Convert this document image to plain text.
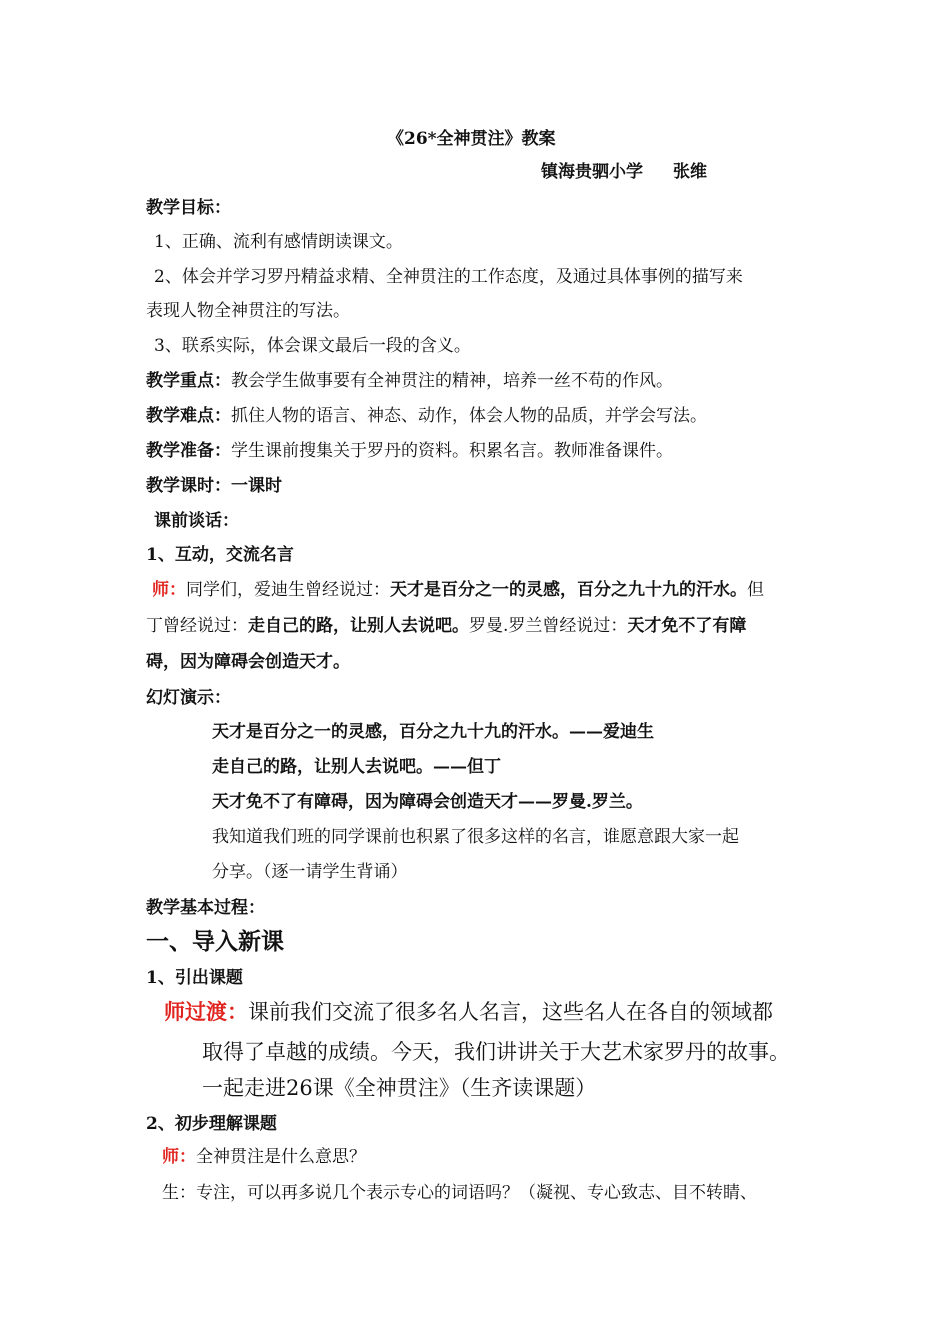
《26*全神贯注》教案
镇海贵驷小学 张维
教学目标：
1、正确、流利有感情朗读课文。
2、体会并学习罗丹精益求精、全神贯注的工作态度，及通过具体事例的描写来
表现人物全神贯注的写法。
3、联系实际，体会课文最后一段的含义。
教学重点：教会学生做事要有全神贯注的精神，培养一丝不苟的作风。
教学难点：抓住人物的语言、神态、动作，体会人物的品质，并学会写法。
教学准备：学生课前搜集关于罗丹的资料。积累名言。教师准备课件。
教学课时：一课时
课前谈话：
1、互动，交流名言
师：同学们，爱迪生曾经说过：天才是百分之一的灵感，百分之九十九的汗水。但
丁曾经说过：走自己的路，让别人去说吧。罗曼.罗兰曾经说过：天才免不了有障
碍，因为障碍会创造天才。
幻灯演示：
天才是百分之一的灵感，百分之九十九的汗水。——爱迪生
走自己的路，让别人去说吧。——但丁
天才免不了有障碍，因为障碍会创造天才——罗曼.罗兰。
我知道我们班的同学课前也积累了很多这样的名言，谁愿意跟大家一起
分享。（逐一请学生背诵）
教学基本过程：
一、导入新课
1、引出课题
师过渡：课前我们交流了很多名人名言，这些名人在各自的领域都
取得了卓越的成绩。今天，我们讲讲关于大艺术家罗丹的故事。
一起走进26课《全神贯注》（生齐读课题）
2、初步理解课题
师：全神贯注是什么意思？
生：专注，可以再多说几个表示专心的词语吗？（凝视、专心致志、目不转睛、
